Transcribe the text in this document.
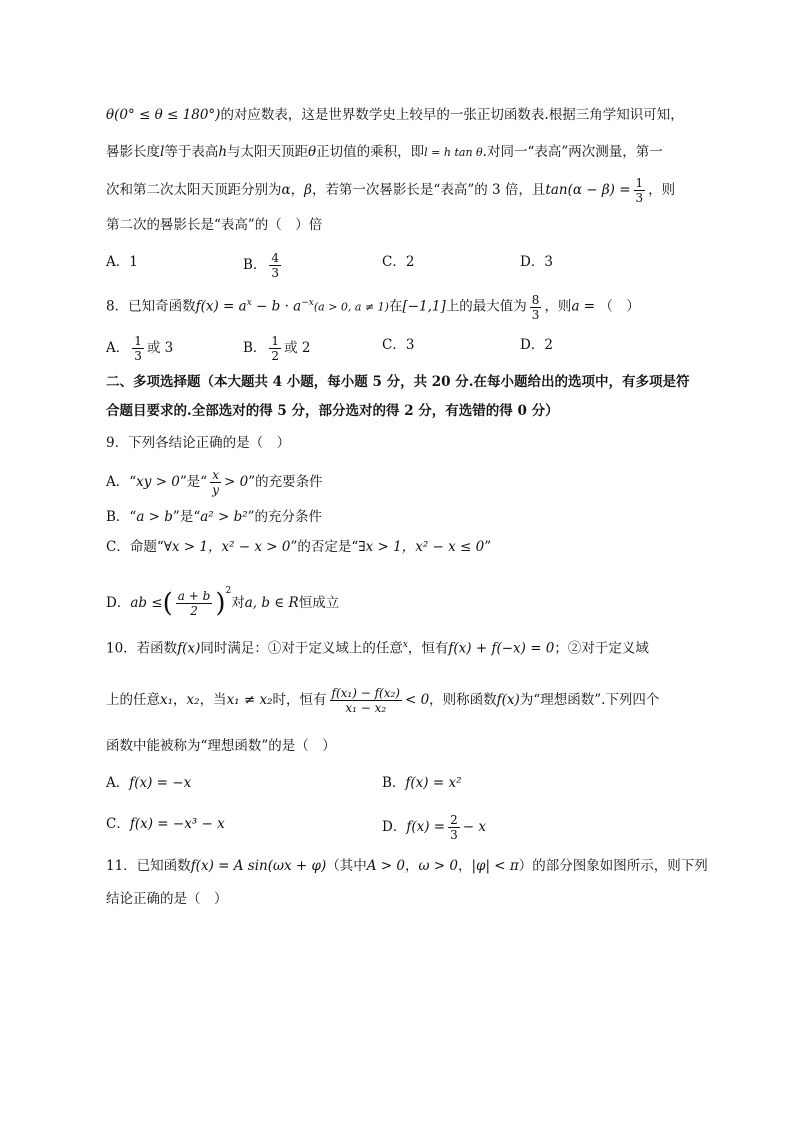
θ(0° ≤ θ ≤ 180°)的对应数表，这是世界数学史上较早的一张正切函数表.根据三角学知识可知，
晷影长度l等于表高h与太阳天顶距θ正切值的乘积，即l = h tan θ.对同一“表高”两次测量，第一
次和第二次太阳天顶距分别为α，β，若第一次晷影长是“表高”的 3 倍，且$\tan(\alpha - \beta) = \frac{1}{3}$ ，则
第二次的晷影长是“表高”的（　）倍
A．1	B． $\frac{4}{3}$	C．2	D．3
8．已知奇函数$f(x) = a^x - b \cdot a^{-x}(a > 0$, a ≠ 1)在[−1,1]上的最大值为 $\frac{8}{3}$ ，则a = （　）
A． $\frac{1}{3}$ 或 3	B． $\frac{1}{2}$ 或 2	C．3	D．2
二、多项选择题（本大题共 4 小题，每小题 5 分，共 20 分.在每小题给出的选项中，有多项是符
合题目要求的.全部选对的得 5 分，部分选对的得 2 分，有选错的得 0 分）
9．下列各结论正确的是（　）
A．“xy > 0”是“ $\frac{x}{y} > 0$”的充要条件
B．“a > b”是“a² > b²”的充分条件
C．命题“∀x > 1，x² − x > 0”的否定是“∃x > 1，x² − x ≤ 0”
D．ab ≤( $\frac{a + b}{2} )^2$对a, b ∈ R恒成立
10．若函数f(x)同时满足：①对于定义域上的任意$^x$，恒有f(x) + f(−x) = 0；②对于定义域
上的任意x₁，x₂，当x₁ ≠ x₂时，恒有 $\frac{\text{f(x₁) − f(x₂)}}{\text{x₁ − x₂}} < 0$，则称函数f(x)为“理想函数”.下列四个
函数中能被称为“理想函数”的是（　）
A．f(x) = −x	B．f(x) = x²
C．f(x) = −x³ − x	D．$f(x) = \frac{2}{3} - x$
11．已知函数f(x) = A sin(ωx + φ)（其中A > 0，ω > 0，|φ| < π）的部分图象如图所示，则下列
结论正确的是（　）
